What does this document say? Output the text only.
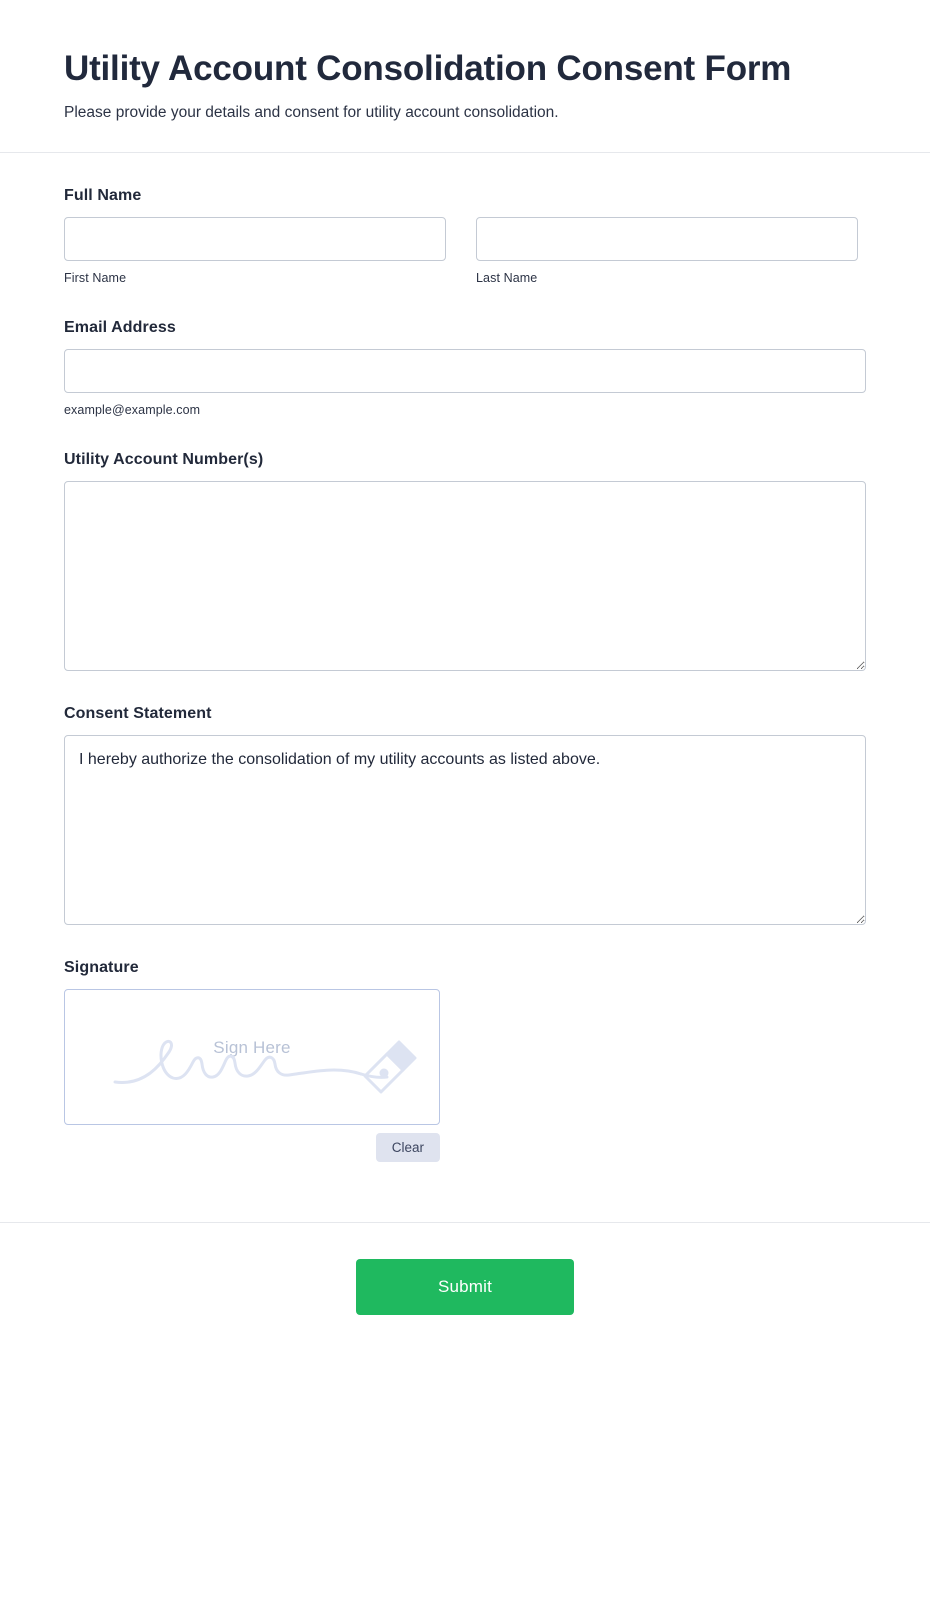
Utility Account Consolidation Consent Form

Please provide your details and consent for utility account consolidation.

Full Name
First Name	Last Name
Email Address
example@example.com
Utility Account Number(s)
Consent Statement
I hereby authorize the consolidation of my utility accounts as listed above.
Signature
Sign Here
Clear
Submit
